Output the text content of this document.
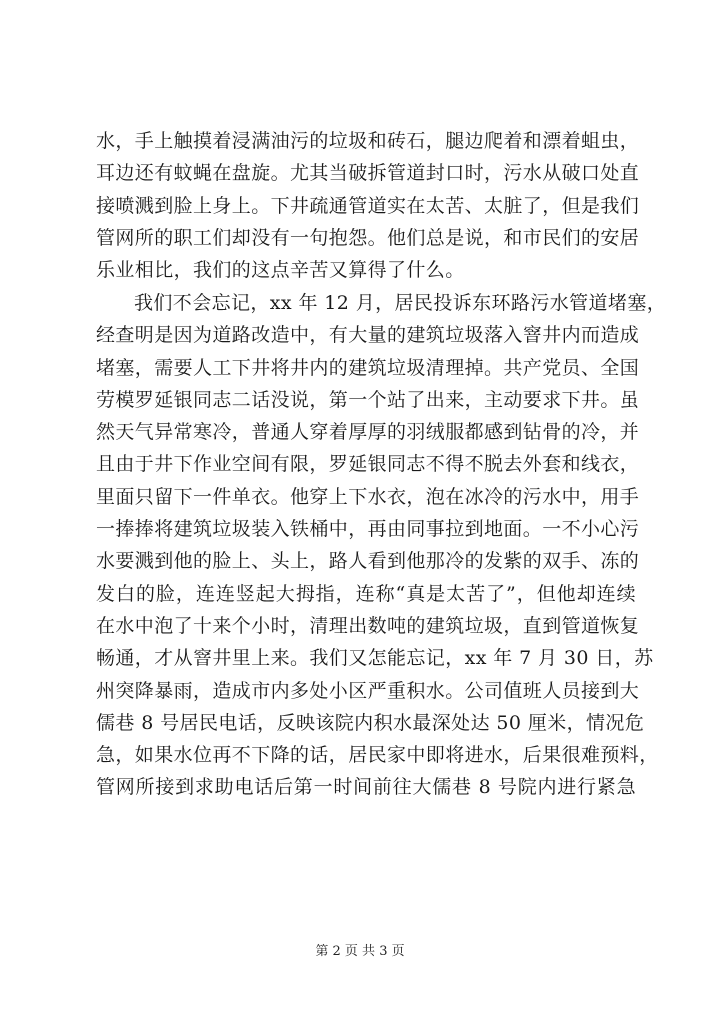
水，手上触摸着浸满油污的垃圾和砖石，腿边爬着和漂着蛆虫，
耳边还有蚊蝇在盘旋。尤其当破拆管道封口时，污水从破口处直
接喷溅到脸上身上。下井疏通管道实在太苦、太脏了，但是我们
管网所的职工们却没有一句抱怨。他们总是说，和市民们的安居
乐业相比，我们的这点辛苦又算得了什么。
我们不会忘记，xx 年 12 月，居民投诉东环路污水管道堵塞，
经查明是因为道路改造中，有大量的建筑垃圾落入窨井内而造成
堵塞，需要人工下井将井内的建筑垃圾清理掉。共产党员、全国
劳模罗延银同志二话没说，第一个站了出来，主动要求下井。虽
然天气异常寒冷，普通人穿着厚厚的羽绒服都感到钻骨的冷，并
且由于井下作业空间有限，罗延银同志不得不脱去外套和线衣，
里面只留下一件单衣。他穿上下水衣，泡在冰冷的污水中，用手
一捧捧将建筑垃圾装入铁桶中，再由同事拉到地面。一不小心污
水要溅到他的脸上、头上，路人看到他那冷的发紫的双手、冻的
发白的脸，连连竖起大拇指，连称“真是太苦了”，但他却连续
在水中泡了十来个小时，清理出数吨的建筑垃圾，直到管道恢复
畅通，才从窨井里上来。我们又怎能忘记，xx 年 7 月 30 日，苏
州突降暴雨，造成市内多处小区严重积水。公司值班人员接到大
儒巷 8 号居民电话，反映该院内积水最深处达 50 厘米，情况危
急，如果水位再不下降的话，居民家中即将进水，后果很难预料，
管网所接到求助电话后第一时间前往大儒巷 8 号院内进行紧急
第 2 页 共 3 页
